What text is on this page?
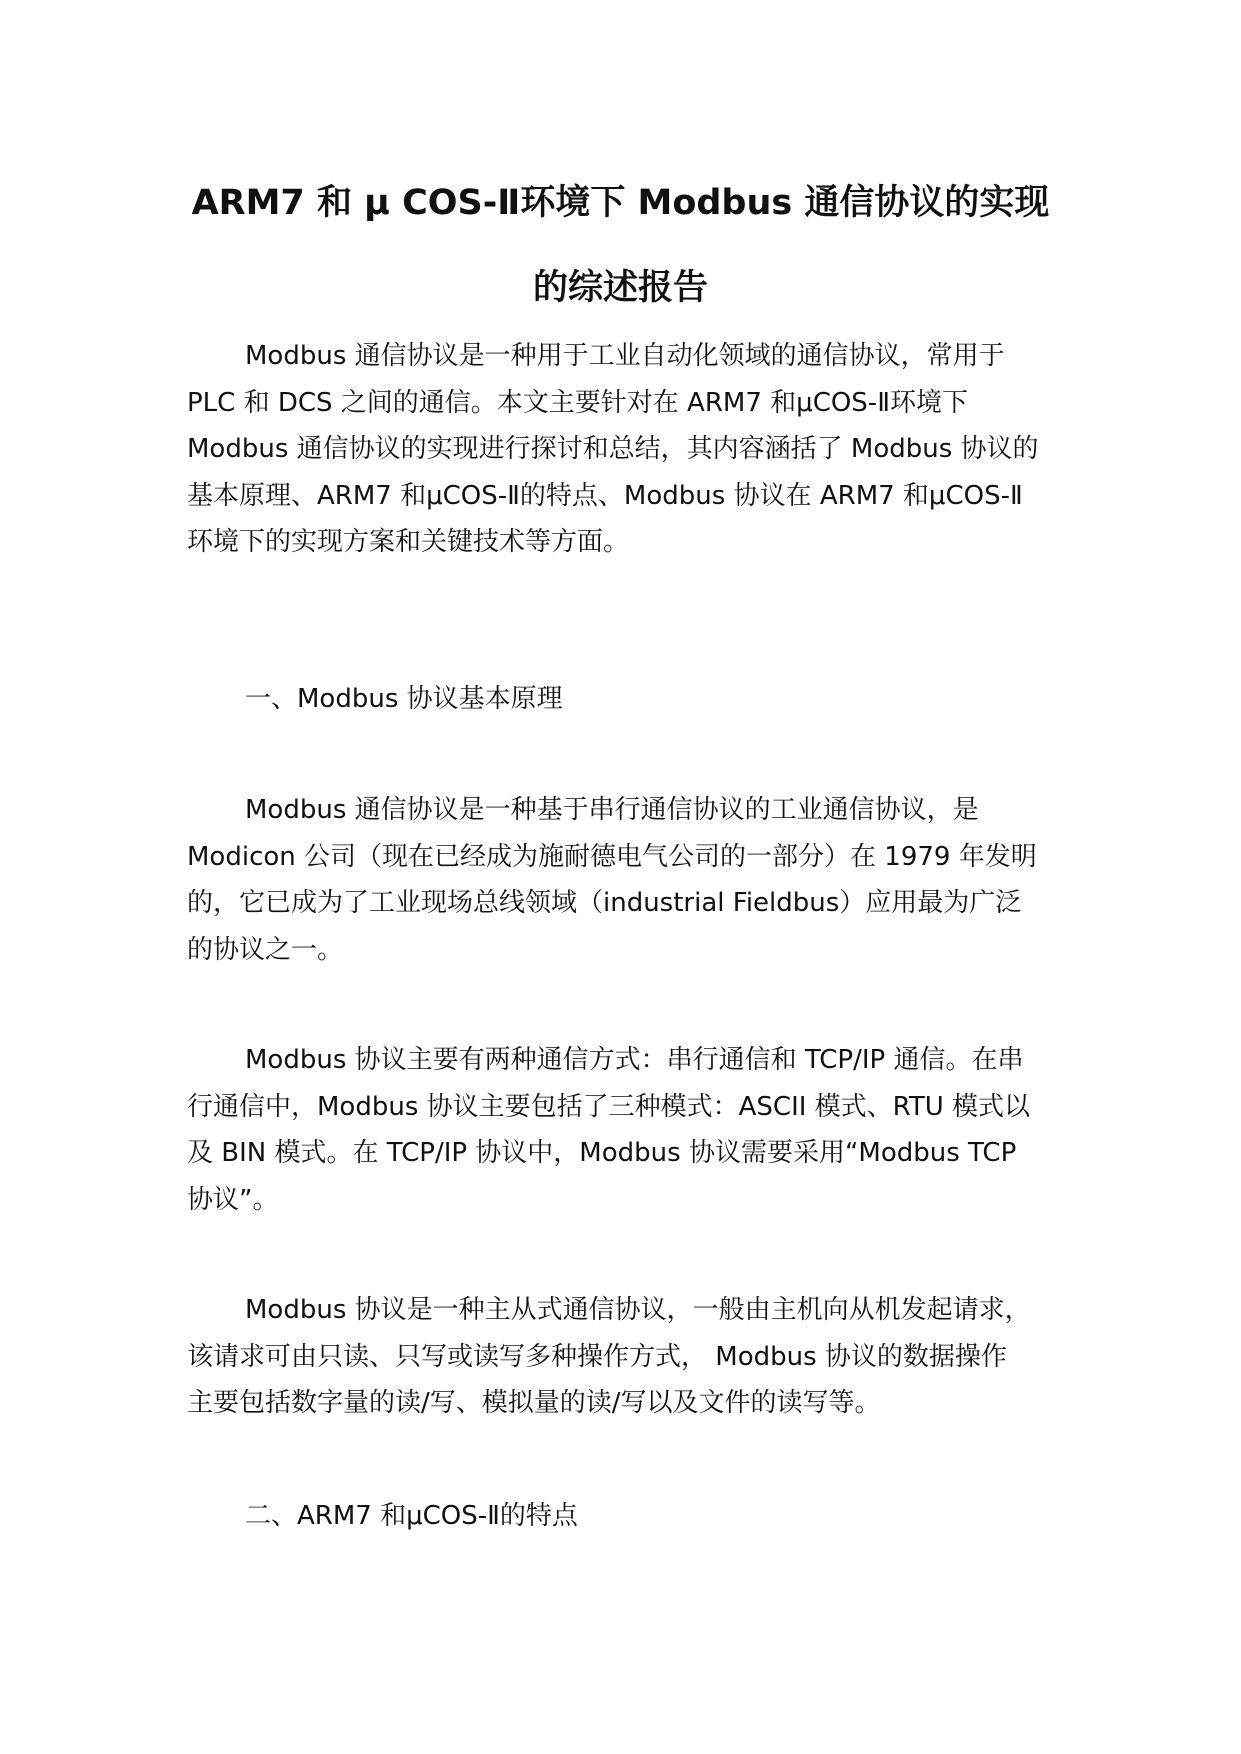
ARM7 和 μ COS-Ⅱ环境下 Modbus 通信协议的实现
的综述报告
Modbus 通信协议是一种用于工业自动化领域的通信协议，常用于
PLC 和 DCS 之间的通信。本文主要针对在 ARM7 和μCOS-Ⅱ环境下
Modbus 通信协议的实现进行探讨和总结，其内容涵括了 Modbus 协议的
基本原理、ARM7 和μCOS-Ⅱ的特点、Modbus 协议在 ARM7 和μCOS-Ⅱ
环境下的实现方案和关键技术等方面。
一、Modbus 协议基本原理
Modbus 通信协议是一种基于串行通信协议的工业通信协议，是
Modicon 公司（现在已经成为施耐德电气公司的一部分）在 1979 年发明
的，它已成为了工业现场总线领域（industrial Fieldbus）应用最为广泛
的协议之一。
Modbus 协议主要有两种通信方式：串行通信和 TCP/IP 通信。在串
行通信中，Modbus 协议主要包括了三种模式：ASCII 模式、RTU 模式以
及 BIN 模式。在 TCP/IP 协议中，Modbus 协议需要采用“Modbus TCP
协议”。
Modbus 协议是一种主从式通信协议，一般由主机向从机发起请求，
该请求可由只读、只写或读写多种操作方式， Modbus 协议的数据操作
主要包括数字量的读/写、模拟量的读/写以及文件的读写等。
二、ARM7 和μCOS-Ⅱ的特点
